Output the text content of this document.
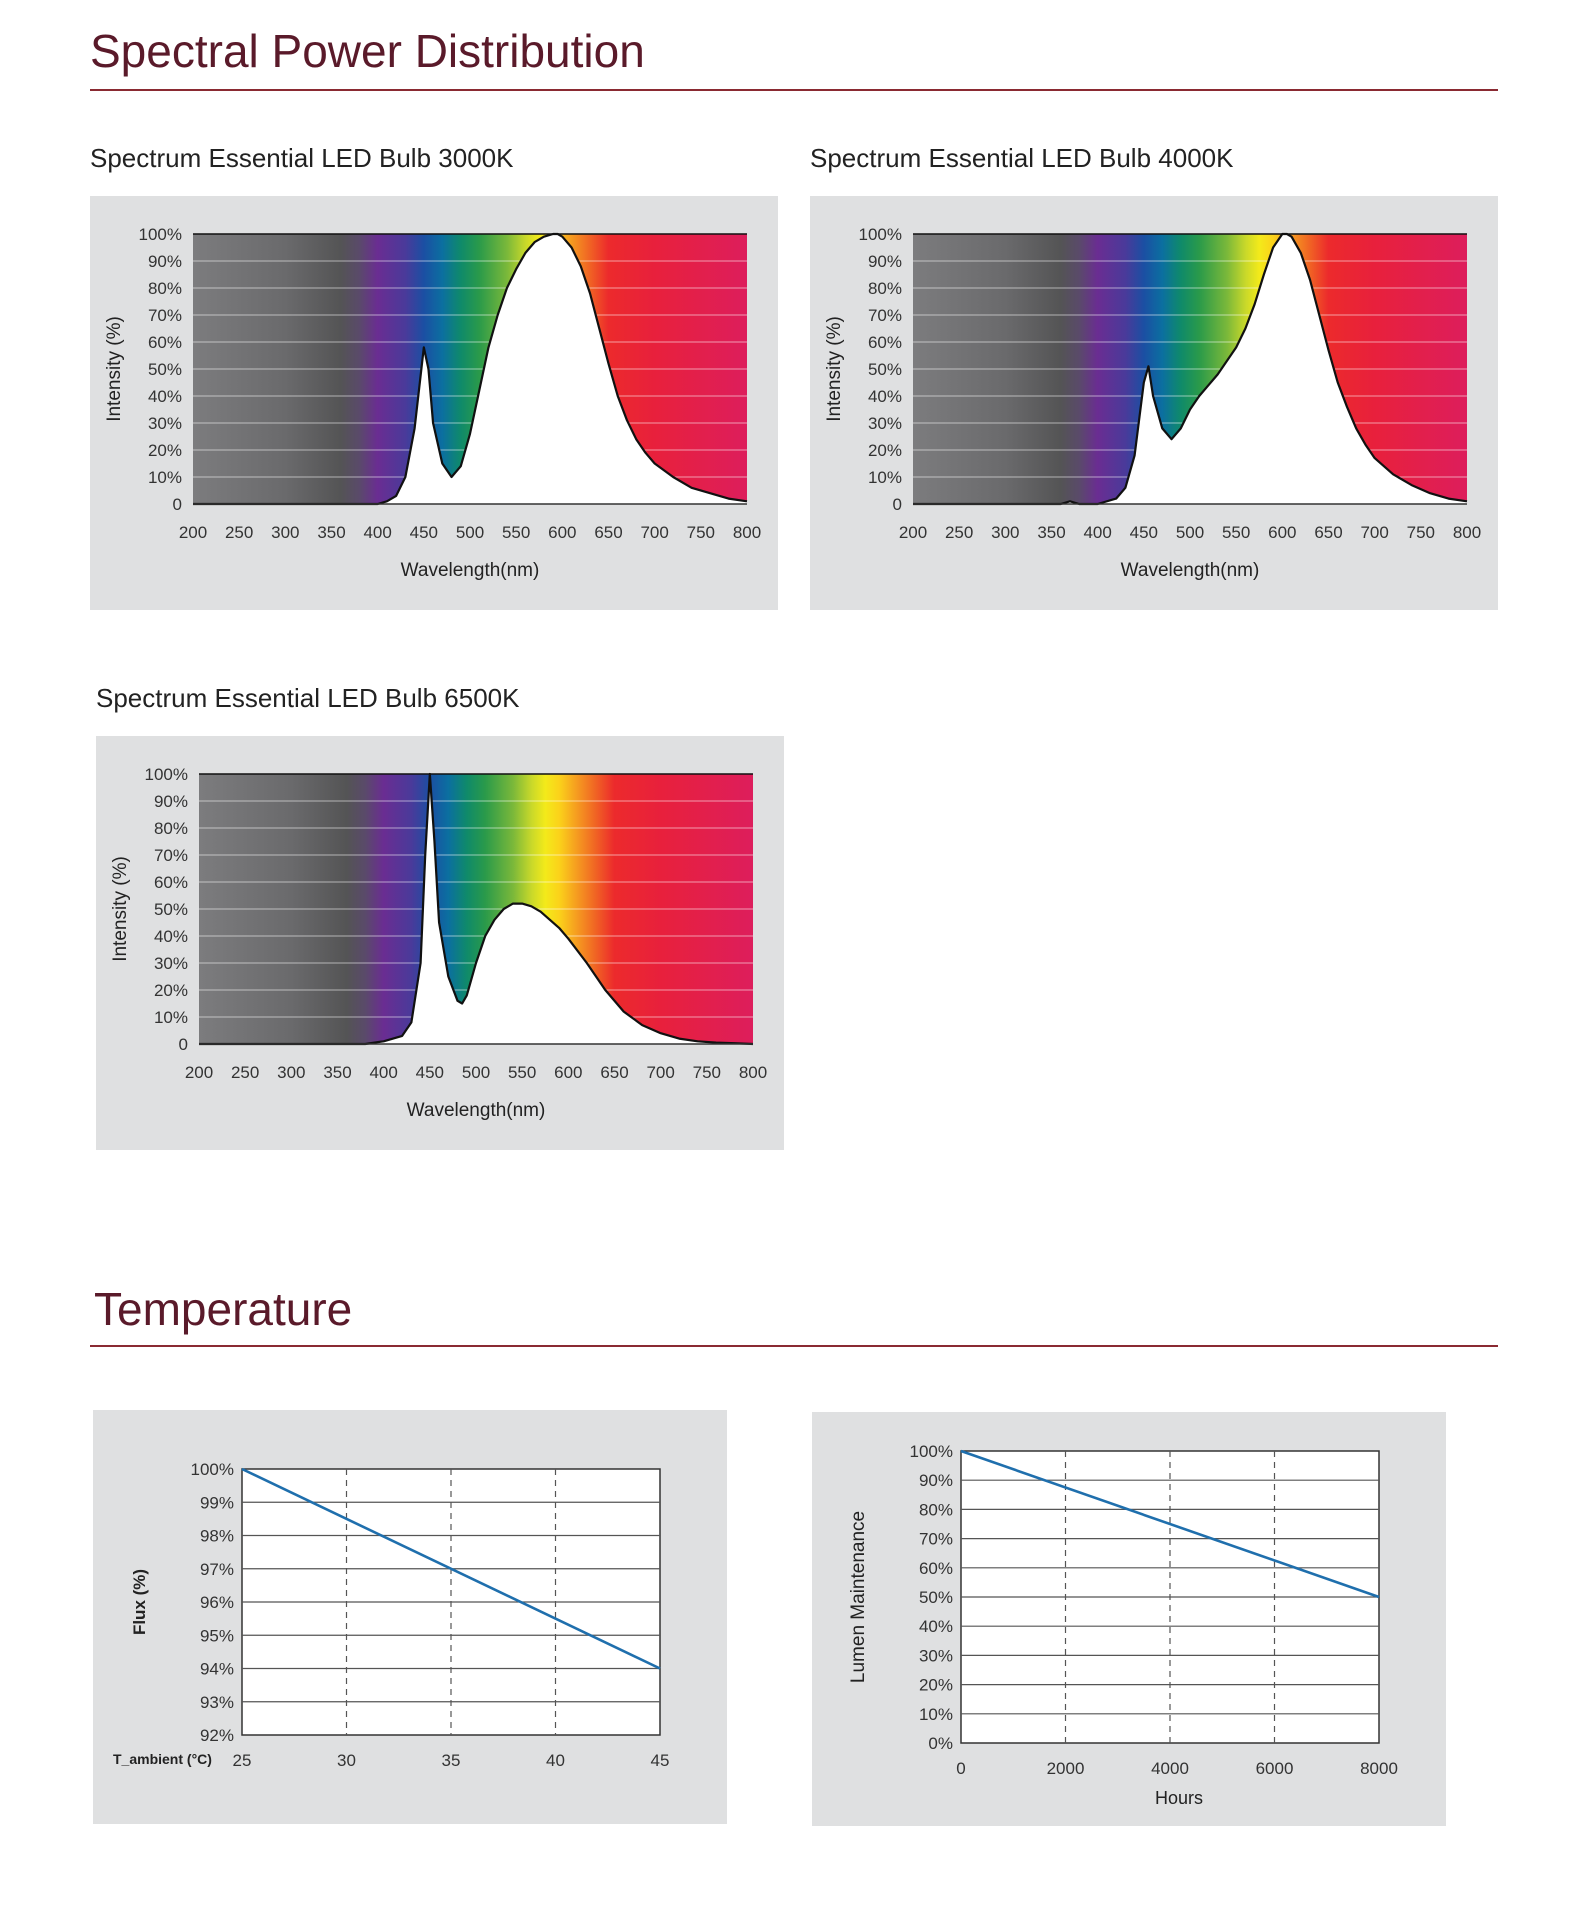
Spectral Power Distribution
Spectrum Essential LED Bulb 3000K
0
10%
20%
30%
40%
50%
60%
70%
80%
90%
100%
200 250 300 350 400 450 500 550 600 650 700 750 800
Wavelength(nm)
Intensity (%)
Spectrum Essential LED Bulb 4000K
0
10%
20%
30%
40%
50%
60%
70%
80%
90%
100%
200 250 300 350 400 450 500 550 600 650 700 750 800
Wavelength(nm)
Intensity (%)
Spectrum Essential LED Bulb 6500K
0
10%
20%
30%
40%
50%
60%
70%
80%
90%
100%
200 250 300 350 400 450 500 550 600 650 700 750 800
Wavelength(nm)
Intensity (%)
Temperature
92%
93%
94%
95%
96%
97%
98%
99%
100%
25	30	35	40	45
Flux (%)
T_ambient (°C)
0%
10%
20%
30%
40%
50%
60%
70%
80%
90%
100%
0	2000	4000	6000	8000
Lumen Maintenance
Hours
